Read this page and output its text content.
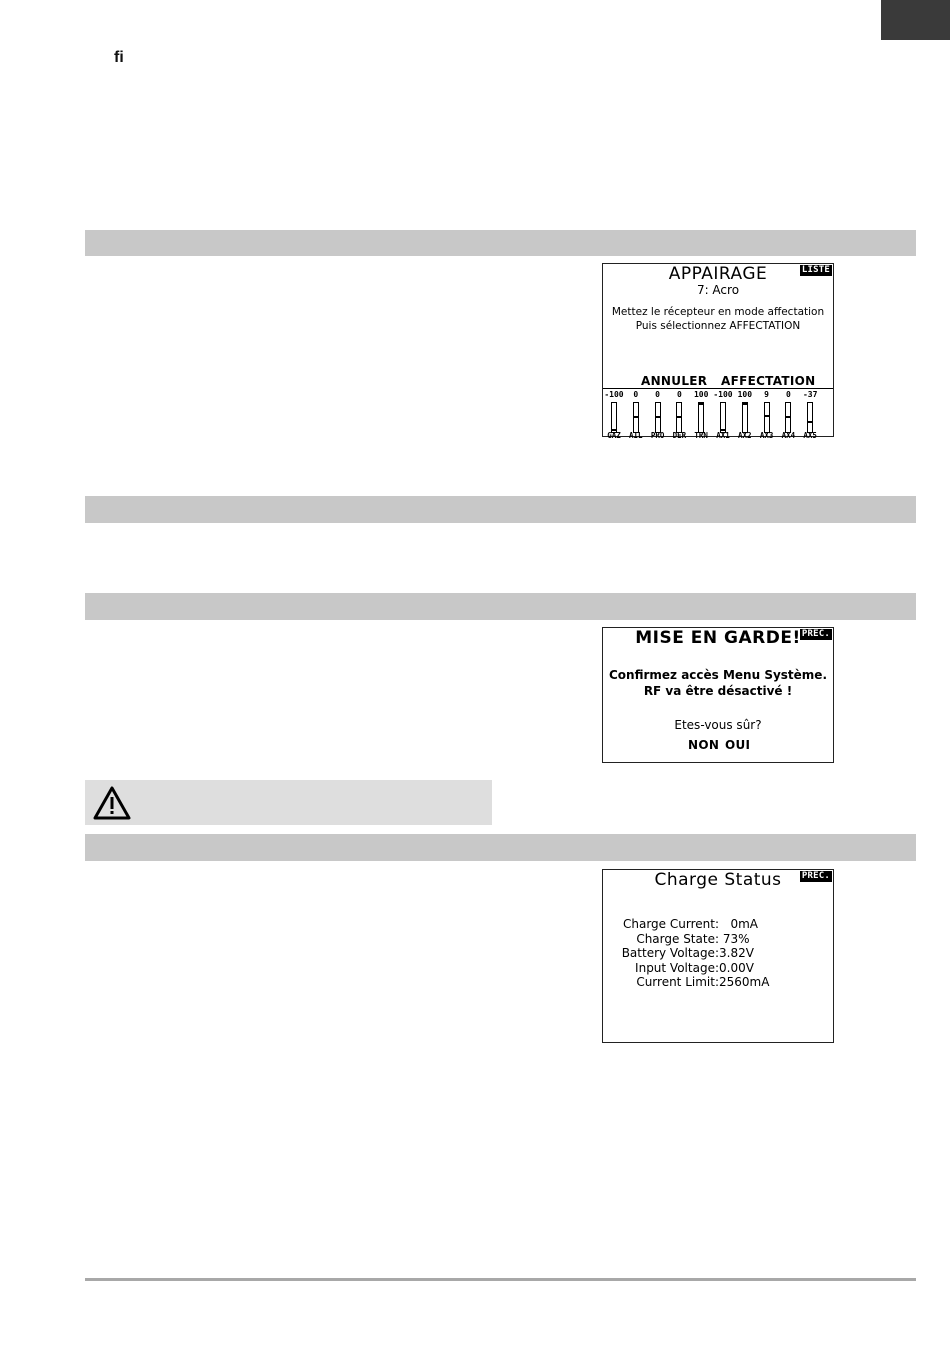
ﬁ
LISTE
APPAIRAGE
7: Acro
Mettez le récepteur en mode affectation
Puis sélectionnez AFFECTATION
ANNULER AFFECTATION
-100
GAZ
0
AIL
0
PRO
0
DER
100
TRN
-100
AX1
100
AX2
9
AX3
0
AX4
-37
AX5
PREC.
MISE EN GARDE!
Confirmez accès Menu Système.
RF va être désactivé !
Etes-vous sûr?
NON OUI
PREC.
Charge Status
Charge Current: 0mA
Charge State: 73%
Battery Voltage: 3.82V
Input Voltage: 0.00V
Current Limit: 2560mA
